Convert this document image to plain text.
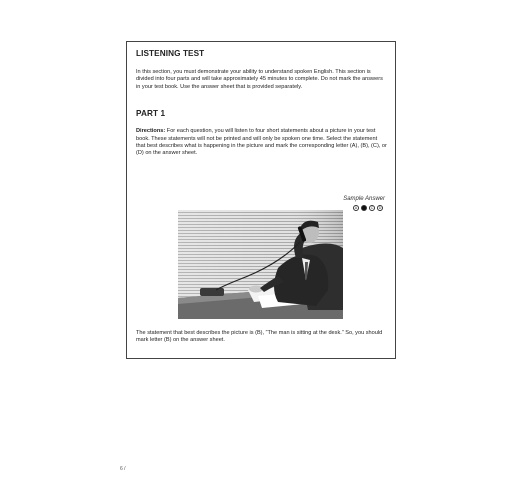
LISTENING TEST
In this section, you must demonstrate your ability to understand spoken English. This section is divided into four parts and will take approximately 45 minutes to complete. Do not mark the answers in your test book. Use the answer sheet that is provided separately.
PART 1
Directions: For each question, you will listen to four short statements about a picture in your test book. These statements will not be printed and will only be spoken one time. Select the statement that best describes what is happening in the picture and mark the corresponding letter (A), (B), (C), or (D) on the answer sheet.
Sample Answer
A	B	C	D
The statement that best describes the picture is (B), “The man is sitting at the desk.” So, you should mark letter (B) on the answer sheet.
6 /
